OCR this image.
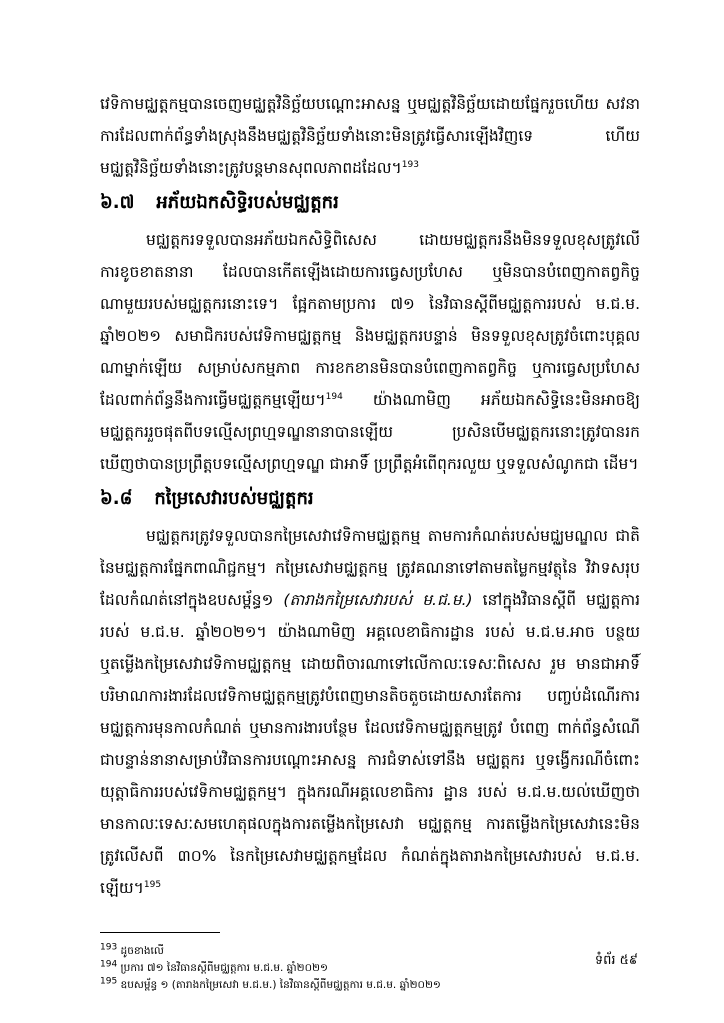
វេទិកាមជ្ឈត្តកម្មបានចេញមជ្ឈត្តវិនិច្ឆ័យបណ្ដោះអាសន្ន ឬមជ្ឈត្តវិនិច្ឆ័យដោយផ្នែករួចហើយ សវនាការដែលពាក់ព័ន្ធទាំងស្រុងនឹងមជ្ឈត្តវិនិច្ឆ័យទាំងនោះមិនត្រូវធ្វើសារឡើងវិញទេ ហើយ មជ្ឈត្តវិនិច្ឆ័យទាំងនោះត្រូវបន្តមានសុពលភាពដដែល។$^{193}$

៦.៧ អភ័យឯកសិទ្ធិរបស់មជ្ឈត្តករ

មជ្ឈត្តករទទួលបានអភ័យឯកសិទ្ធិពិសេស ដោយមជ្ឈត្តករនឹងមិនទទួលខុសត្រូវលើ ការខូចខាតនានា ដែលបានកើតឡើងដោយការធ្វេសប្រហែស ឬមិនបានបំពេញកាតព្វកិច្ច ណាមួយរបស់មជ្ឈត្តករនោះទេ។ ផ្អែកតាមប្រការ ៧១ នៃវិធានស្ដីពីមជ្ឈត្តការរបស់ ម.ជ.ម. ឆ្នាំ២០២១ សមាជិករបស់វេទិកាមជ្ឈត្តកម្ម និងមជ្ឈត្តករបន្ទាន់ មិនទទួលខុសត្រូវចំពោះបុគ្គល ណាម្នាក់ឡើយ សម្រាប់សកម្មភាព ការខកខានមិនបានបំពេញកាតព្វកិច្ច ឬការធ្វេសប្រហែស ដែលពាក់ព័ន្ធនឹងការធ្វើមជ្ឈត្តកម្មឡើយ។$^{194}$ យ៉ាងណាមិញ អភ័យឯកសិទ្ធិនេះមិនអាចឱ្យ មជ្ឈត្តកររួចផុតពីបទល្មើសព្រហ្មទណ្ឌនានាបានឡើយ ប្រសិនបើមជ្ឈត្តករនោះត្រូវបានរក ឃើញថាបានប្រព្រឹត្តបទល្មើសព្រហ្មទណ្ឌ ជាអាទិ៍ ប្រព្រឹត្តអំពើពុករលួយ ឬទទួលសំណូកជា ដើម។

៦.៨ កម្រៃសេវារបស់មជ្ឈត្តករ

មជ្ឈត្តករត្រូវទទួលបានកម្រៃសេវាវេទិកាមជ្ឈត្តកម្ម តាមការកំណត់របស់មជ្ឈមណ្ឌល ជាតិនៃមជ្ឈត្តការផ្នែកពាណិជ្ជកម្ម។ កម្រៃសេវាមជ្ឈត្តកម្ម ត្រូវគណនាទៅតាមតម្លៃកម្មវត្ថុនៃ វិវាទសរុប ដែលកំណត់នៅក្នុងឧបសម្ព័ន្ធ១ (តារាងកម្រៃសេវារបស់ ម.ជ.ម.) នៅក្នុងវិធានស្ដីពី មជ្ឈត្តការ របស់ ម.ជ.ម. ឆ្នាំ២០២១។ យ៉ាងណាមិញ អគ្គលេខាធិការដ្ឋាន របស់ ម.ជ.ម.អាច បន្ថយ ឬតម្លើងកម្រៃសេវាវេទិកាមជ្ឈត្តកម្ម ដោយពិចារណាទៅលើកាលៈទេសៈពិសេស រួម មានជាអាទិ៍ បរិមាណការងារដែលវេទិកាមជ្ឈត្តកម្មត្រូវបំពេញមានតិចតួចដោយសារតែការ បញ្ចប់ដំណើរការមជ្ឈត្តការមុនកាលកំណត់ ឬមានការងារបន្ថែម ដែលវេទិកាមជ្ឈត្តកម្មត្រូវ បំពេញ ពាក់ព័ន្ធសំណើជាបន្ទាន់នានាសម្រាប់វិធានការបណ្ដោះអាសន្ន ការជំទាស់ទៅនឹង មជ្ឈត្តករ ឬទង្វើករណីចំពោះយុត្តាធិការរបស់វេទិកាមជ្ឈត្តកម្ម។ ក្នុងករណីអគ្គលេខាធិការ ដ្ឋាន របស់ ម.ជ.ម.យល់ឃើញថាមានកាលៈទេសៈសមហេតុផលក្នុងការតម្លើងកម្រៃសេវា មជ្ឈត្តកម្ម ការតម្លើងកម្រៃសេវានេះមិនត្រូវលើសពី ៣០% នៃកម្រៃសេវាមជ្ឈត្តកម្មដែល កំណត់ក្នុងតារាងកម្រៃសេវារបស់ ម.ជ.ម. ឡើយ។$^{195}$

$^{193}$ ដូចខាងលើ
$^{194}$ ប្រការ ៧១ នៃវិធានស្ដីពីមជ្ឈត្តការ ម.ជ.ម. ឆ្នាំ២០២១
$^{195}$ ឧបសម្ព័ន្ធ ១ (តារាងកម្រៃសេវា ម.ជ.ម.) នៃវិធានស្ដីពីមជ្ឈត្តការ ម.ជ.ម. ឆ្នាំ២០២១
ទំព័រ ៥៩
